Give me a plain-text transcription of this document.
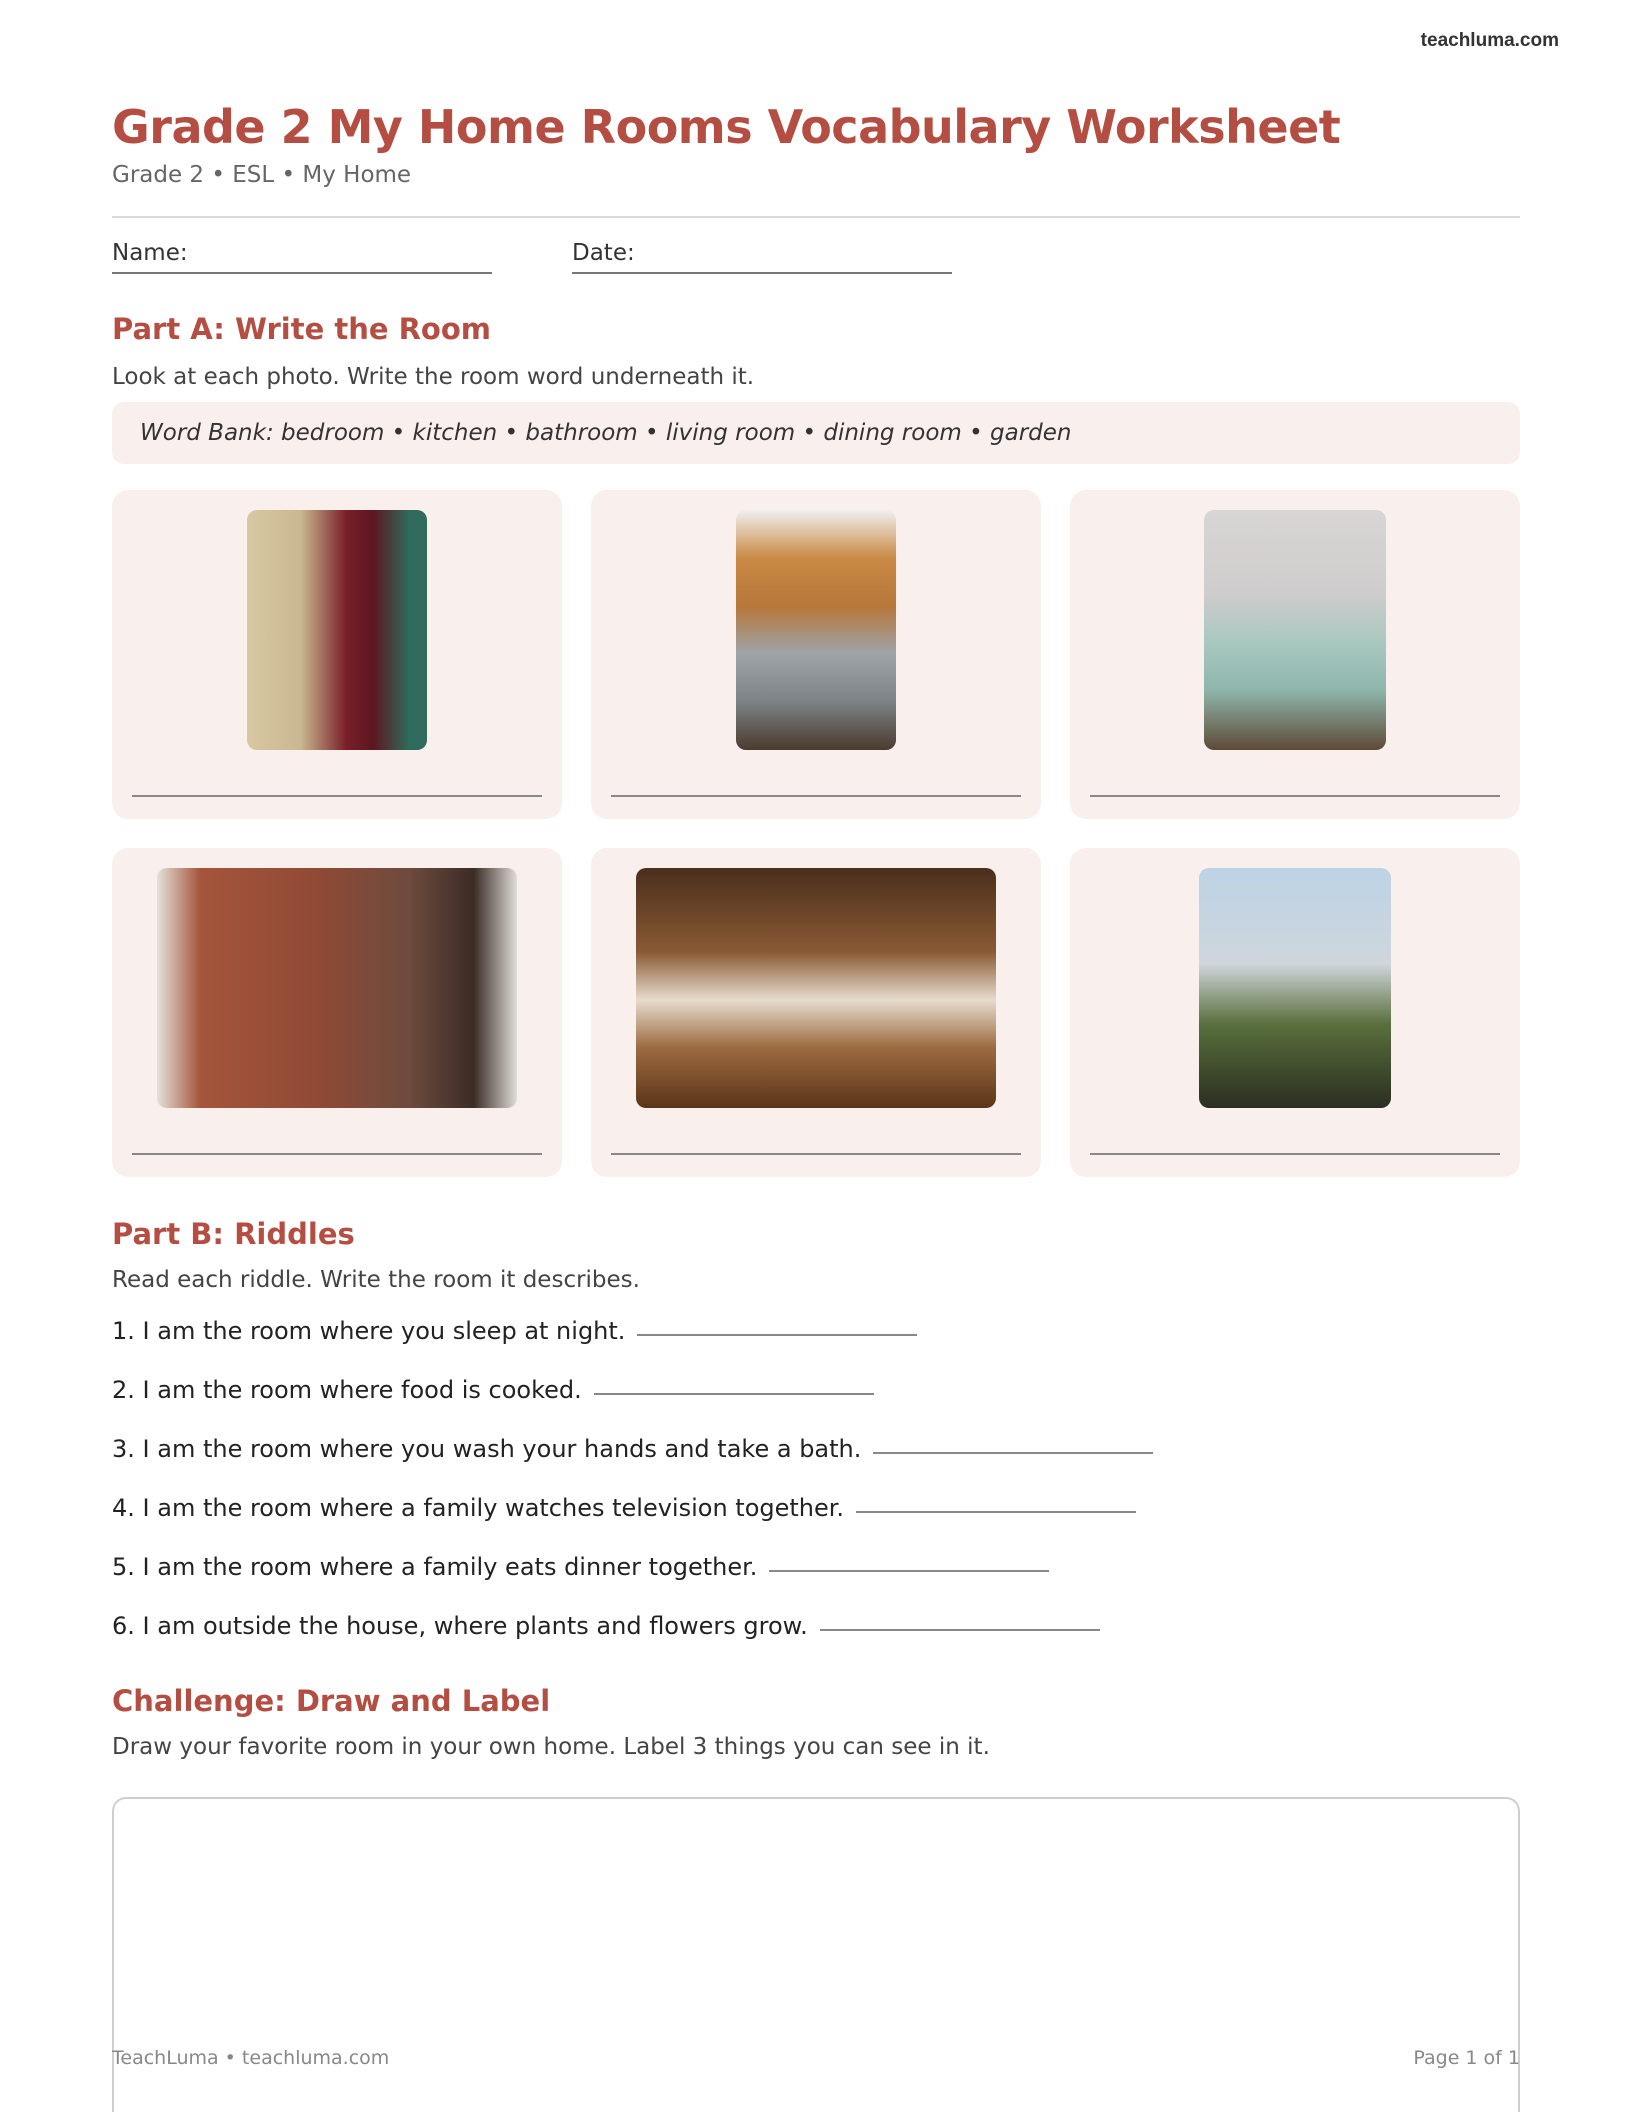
teachluma.com
Grade 2 My Home Rooms Vocabulary Worksheet
Grade 2 • ESL • My Home
Name:	Date:
Part A: Write the Room
Look at each photo. Write the room word underneath it.
Word Bank: bedroom • kitchen • bathroom • living room • dining room • garden
Part B: Riddles
Read each riddle. Write the room it describes.
1. I am the room where you sleep at night.
2. I am the room where food is cooked.
3. I am the room where you wash your hands and take a bath.
4. I am the room where a family watches television together.
5. I am the room where a family eats dinner together.
6. I am outside the house, where plants and flowers grow.
Challenge: Draw and Label
Draw your favorite room in your own home. Label 3 things you can see in it.
TeachLuma • teachluma.com	Page 1 of 1
